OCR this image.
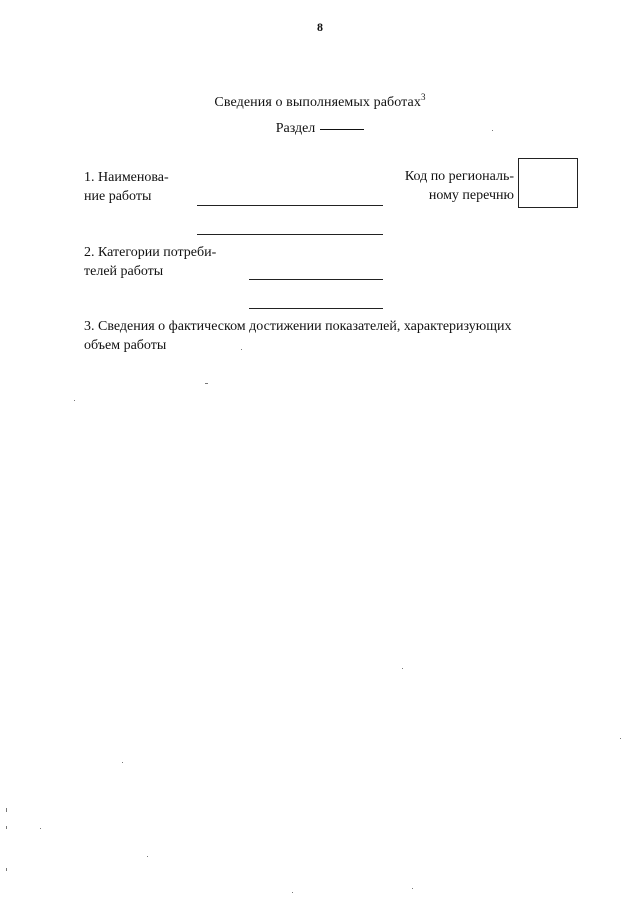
8
Сведения о выполняемых работах$^3$
Раздел
1. Наименова-
ние работы
Код по региональ-
ному перечню
2. Категории потреби-
телей работы
3. Сведения о фактическом достижении показателей, характеризующих
объем работы
